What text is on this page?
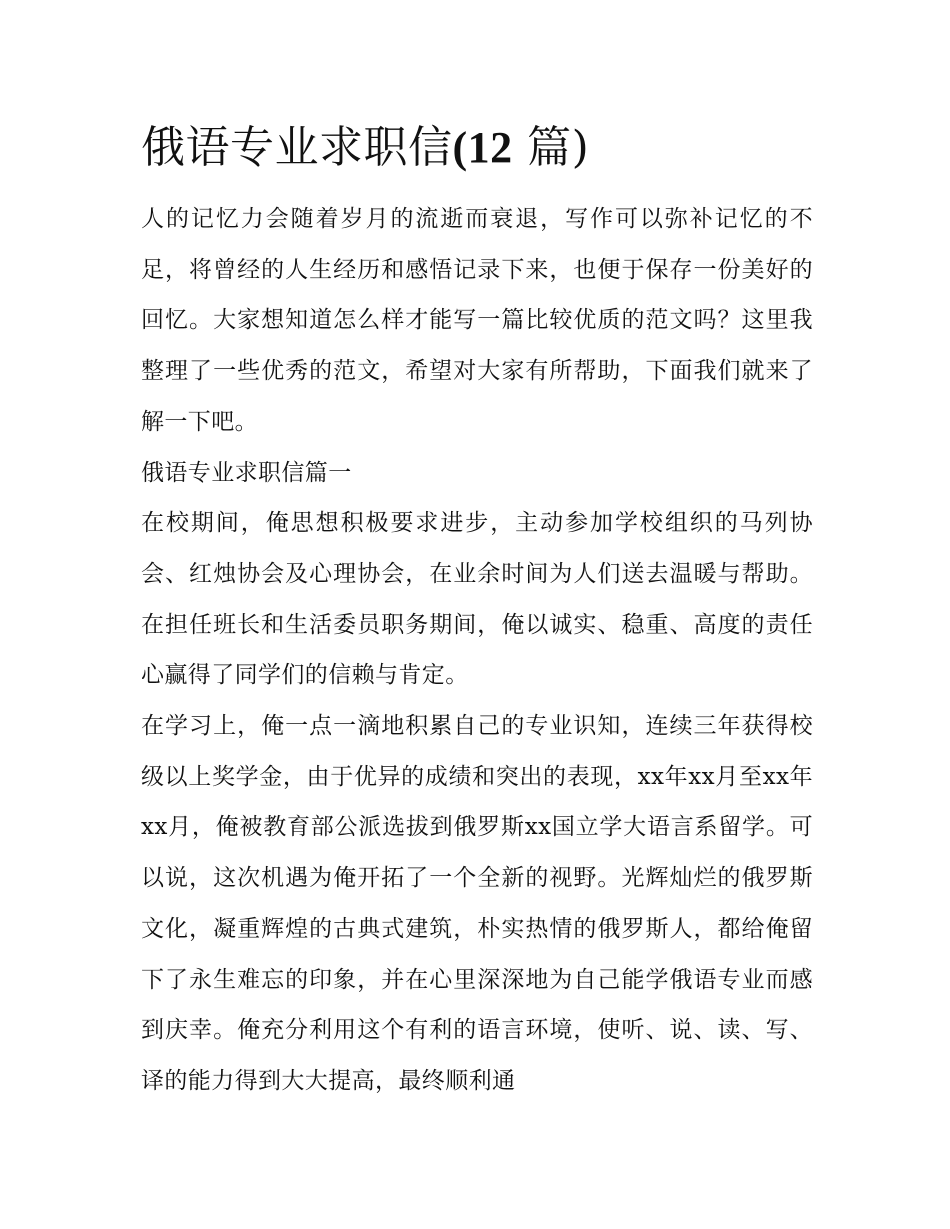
俄语专业求职信(12 篇)

人的记忆力会随着岁月的流逝而衰退，写作可以弥补记忆的不足，将曾经的人生经历和感悟记录下来，也便于保存一份美好的回忆。大家想知道怎么样才能写一篇比较优质的范文吗？这里我整理了一些优秀的范文，希望对大家有所帮助，下面我们就来了解一下吧。

俄语专业求职信篇一

在校期间，俺思想积极要求进步，主动参加学校组织的马列协会、红烛协会及心理协会，在业余时间为人们送去温暖与帮助。在担任班长和生活委员职务期间，俺以诚实、稳重、高度的责任心赢得了同学们的信赖与肯定。

在学习上，俺一点一滴地积累自己的专业识知，连续三年获得校级以上奖学金，由于优异的成绩和突出的表现，xx年xx月至xx年xx月，俺被教育部公派选拔到俄罗斯xx国立学大语言系留学。可以说，这次机遇为俺开拓了一个全新的视野。光辉灿烂的俄罗斯文化，凝重辉煌的古典式建筑，朴实热情的俄罗斯人，都给俺留下了永生难忘的印象，并在心里深深地为自己能学俄语专业而感到庆幸。俺充分利用这个有利的语言环境，使听、说、读、写、译的能力得到大大提高，最终顺利通
